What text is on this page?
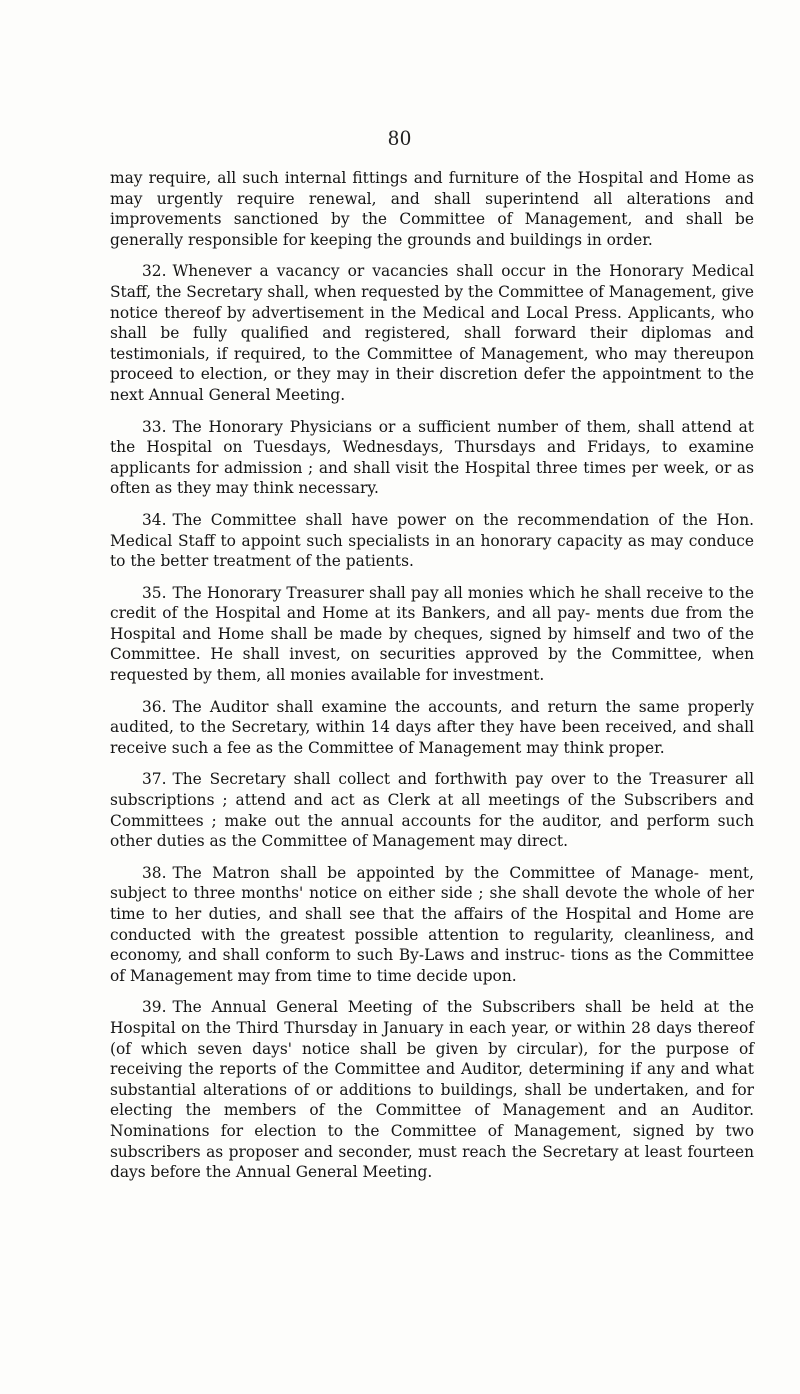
80

may require, all such internal fittings and furniture of the Hospital and Home as may urgently require renewal, and shall superintend all alterations and improvements sanctioned by the Committee of Management, and shall be generally responsible for keeping the grounds and buildings in order.

32. Whenever a vacancy or vacancies shall occur in the Honorary Medical Staff, the Secretary shall, when requested by the Committee of Management, give notice thereof by advertisement in the Medical and Local Press. Applicants, who shall be fully qualified and registered, shall forward their diplomas and testimonials, if required, to the Committee of Management, who may thereupon proceed to election, or they may in their discretion defer the appointment to the next Annual General Meeting.

33. The Honorary Physicians or a sufficient number of them, shall attend at the Hospital on Tuesdays, Wednesdays, Thursdays and Fridays, to examine applicants for admission ; and shall visit the Hospital three times per week, or as often as they may think necessary.

34. The Committee shall have power on the recommendation of the Hon. Medical Staff to appoint such specialists in an honorary capacity as may conduce to the better treatment of the patients.

35. The Honorary Treasurer shall pay all monies which he shall receive to the credit of the Hospital and Home at its Bankers, and all pay- ments due from the Hospital and Home shall be made by cheques, signed by himself and two of the Committee. He shall invest, on securities approved by the Committee, when requested by them, all monies available for investment.

36. The Auditor shall examine the accounts, and return the same properly audited, to the Secretary, within 14 days after they have been received, and shall receive such a fee as the Committee of Management may think proper.

37. The Secretary shall collect and forthwith pay over to the Treasurer all subscriptions ; attend and act as Clerk at all meetings of the Subscribers and Committees ; make out the annual accounts for the auditor, and perform such other duties as the Committee of Management may direct.

38. The Matron shall be appointed by the Committee of Manage- ment, subject to three months' notice on either side ; she shall devote the whole of her time to her duties, and shall see that the affairs of the Hospital and Home are conducted with the greatest possible attention to regularity, cleanliness, and economy, and shall conform to such By-Laws and instruc- tions as the Committee of Management may from time to time decide upon.

39. The Annual General Meeting of the Subscribers shall be held at the Hospital on the Third Thursday in January in each year, or within 28 days thereof (of which seven days' notice shall be given by circular), for the purpose of receiving the reports of the Committee and Auditor, determining if any and what substantial alterations of or additions to buildings, shall be undertaken, and for electing the members of the Committee of Management and an Auditor. Nominations for election to the Committee of Management, signed by two subscribers as proposer and seconder, must reach the Secretary at least fourteen days before the Annual General Meeting.
